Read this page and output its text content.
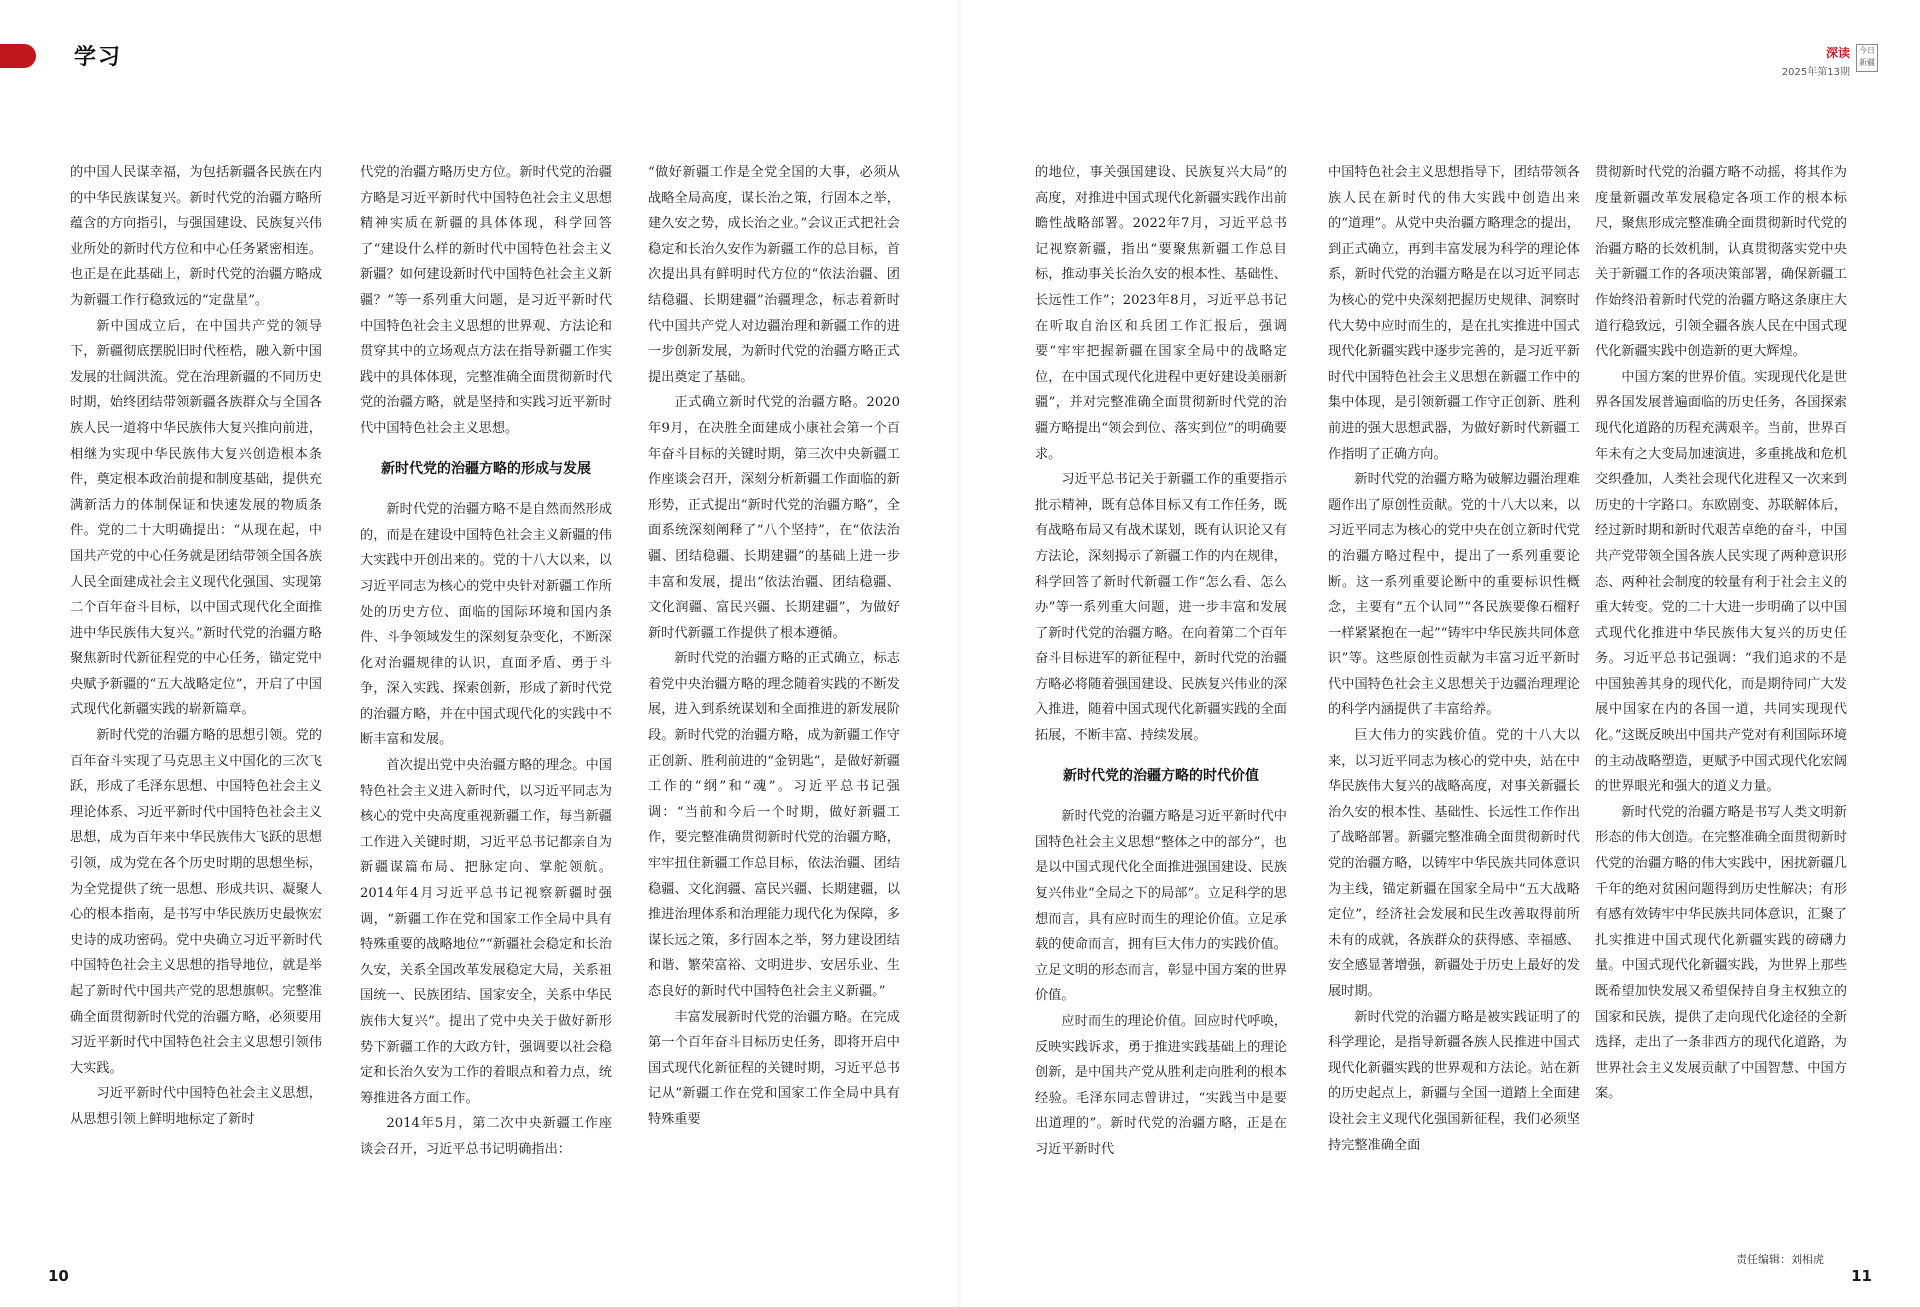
学习	深读
2025年第13期
今日新疆

的中国人民谋幸福，为包括新疆各民族在内的中华民族谋复兴。新时代党的治疆方略所蕴含的方向指引，与强国建设、民族复兴伟业所处的新时代方位和中心任务紧密相连。也正是在此基础上，新时代党的治疆方略成为新疆工作行稳致远的“定盘星”。

新中国成立后，在中国共产党的领导下，新疆彻底摆脱旧时代桎梏，融入新中国发展的壮阔洪流。党在治理新疆的不同历史时期，始终团结带领新疆各族群众与全国各族人民一道将中华民族伟大复兴推向前进，相继为实现中华民族伟大复兴创造根本条件，奠定根本政治前提和制度基础，提供充满新活力的体制保证和快速发展的物质条件。党的二十大明确提出：“从现在起，中国共产党的中心任务就是团结带领全国各族人民全面建成社会主义现代化强国、实现第二个百年奋斗目标，以中国式现代化全面推进中华民族伟大复兴。”新时代党的治疆方略聚焦新时代新征程党的中心任务，锚定党中央赋予新疆的“五大战略定位”，开启了中国式现代化新疆实践的崭新篇章。

新时代党的治疆方略的思想引领。党的百年奋斗实现了马克思主义中国化的三次飞跃，形成了毛泽东思想、中国特色社会主义理论体系、习近平新时代中国特色社会主义思想，成为百年来中华民族伟大飞跃的思想引领，成为党在各个历史时期的思想坐标，为全党提供了统一思想、形成共识、凝聚人心的根本指南，是书写中华民族历史最恢宏史诗的成功密码。党中央确立习近平新时代中国特色社会主义思想的指导地位，就是举起了新时代中国共产党的思想旗帜。完整准确全面贯彻新时代党的治疆方略，必须要用习近平新时代中国特色社会主义思想引领伟大实践。

习近平新时代中国特色社会主义思想，从思想引领上鲜明地标定了新时

代党的治疆方略历史方位。新时代党的治疆方略是习近平新时代中国特色社会主义思想精神实质在新疆的具体体现，科学回答了“建设什么样的新时代中国特色社会主义新疆？如何建设新时代中国特色社会主义新疆？”等一系列重大问题，是习近平新时代中国特色社会主义思想的世界观、方法论和贯穿其中的立场观点方法在指导新疆工作实践中的具体体现，完整准确全面贯彻新时代党的治疆方略，就是坚持和实践习近平新时代中国特色社会主义思想。

新时代党的治疆方略的形成与发展

新时代党的治疆方略不是自然而然形成的，而是在建设中国特色社会主义新疆的伟大实践中开创出来的。党的十八大以来，以习近平同志为核心的党中央针对新疆工作所处的历史方位、面临的国际环境和国内条件、斗争领域发生的深刻复杂变化，不断深化对治疆规律的认识，直面矛盾、勇于斗争，深入实践、探索创新，形成了新时代党的治疆方略，并在中国式现代化的实践中不断丰富和发展。

首次提出党中央治疆方略的理念。中国特色社会主义进入新时代，以习近平同志为核心的党中央高度重视新疆工作，每当新疆工作进入关键时期，习近平总书记都亲自为新疆谋篇布局、把脉定向、掌舵领航。2014年4月习近平总书记视察新疆时强调，“新疆工作在党和国家工作全局中具有特殊重要的战略地位”“新疆社会稳定和长治久安，关系全国改革发展稳定大局，关系祖国统一、民族团结、国家安全，关系中华民族伟大复兴”。提出了党中央关于做好新形势下新疆工作的大政方针，强调要以社会稳定和长治久安为工作的着眼点和着力点，统筹推进各方面工作。

2014年5月，第二次中央新疆工作座谈会召开，习近平总书记明确指出：

“做好新疆工作是全党全国的大事，必须从战略全局高度，谋长治之策，行固本之举，建久安之势，成长治之业。”会议正式把社会稳定和长治久安作为新疆工作的总目标，首次提出具有鲜明时代方位的“依法治疆、团结稳疆、长期建疆”治疆理念，标志着新时代中国共产党人对边疆治理和新疆工作的进一步创新发展，为新时代党的治疆方略正式提出奠定了基础。

正式确立新时代党的治疆方略。2020年9月，在决胜全面建成小康社会第一个百年奋斗目标的关键时期，第三次中央新疆工作座谈会召开，深刻分析新疆工作面临的新形势，正式提出“新时代党的治疆方略”，全面系统深刻阐释了“八个坚持”，在“依法治疆、团结稳疆、长期建疆”的基础上进一步丰富和发展，提出“依法治疆、团结稳疆、文化润疆、富民兴疆、长期建疆”，为做好新时代新疆工作提供了根本遵循。

新时代党的治疆方略的正式确立，标志着党中央治疆方略的理念随着实践的不断发展，进入到系统谋划和全面推进的新发展阶段。新时代党的治疆方略，成为新疆工作守正创新、胜利前进的“金钥匙”，是做好新疆工作的“纲”和“魂”。习近平总书记强调：“当前和今后一个时期，做好新疆工作，要完整准确贯彻新时代党的治疆方略，牢牢扭住新疆工作总目标，依法治疆、团结稳疆、文化润疆、富民兴疆、长期建疆，以推进治理体系和治理能力现代化为保障，多谋长远之策，多行固本之举，努力建设团结和谐、繁荣富裕、文明进步、安居乐业、生态良好的新时代中国特色社会主义新疆。”

丰富发展新时代党的治疆方略。在完成第一个百年奋斗目标历史任务，即将开启中国式现代化新征程的关键时期，习近平总书记从“新疆工作在党和国家工作全局中具有特殊重要

的地位，事关强国建设、民族复兴大局”的高度，对推进中国式现代化新疆实践作出前瞻性战略部署。2022年7月，习近平总书记视察新疆，指出“要聚焦新疆工作总目标，推动事关长治久安的根本性、基础性、长远性工作”；2023年8月，习近平总书记在听取自治区和兵团工作汇报后，强调要“牢牢把握新疆在国家全局中的战略定位，在中国式现代化进程中更好建设美丽新疆”，并对完整准确全面贯彻新时代党的治疆方略提出“领会到位、落实到位”的明确要求。

习近平总书记关于新疆工作的重要指示批示精神，既有总体目标又有工作任务，既有战略布局又有战术谋划，既有认识论又有方法论，深刻揭示了新疆工作的内在规律，科学回答了新时代新疆工作“怎么看、怎么办”等一系列重大问题，进一步丰富和发展了新时代党的治疆方略。在向着第二个百年奋斗目标进军的新征程中，新时代党的治疆方略必将随着强国建设、民族复兴伟业的深入推进，随着中国式现代化新疆实践的全面拓展，不断丰富、持续发展。

新时代党的治疆方略的时代价值

新时代党的治疆方略是习近平新时代中国特色社会主义思想“整体之中的部分”，也是以中国式现代化全面推进强国建设、民族复兴伟业“全局之下的局部”。立足科学的思想而言，具有应时而生的理论价值。立足承载的使命而言，拥有巨大伟力的实践价值。立足文明的形态而言，彰显中国方案的世界价值。

应时而生的理论价值。回应时代呼唤，反映实践诉求，勇于推进实践基础上的理论创新，是中国共产党从胜利走向胜利的根本经验。毛泽东同志曾讲过，“实践当中是要出道理的”。新时代党的治疆方略，正是在习近平新时代

中国特色社会主义思想指导下，团结带领各族人民在新时代的伟大实践中创造出来的“道理”。从党中央治疆方略理念的提出，到正式确立，再到丰富发展为科学的理论体系，新时代党的治疆方略是在以习近平同志为核心的党中央深刻把握历史规律、洞察时代大势中应时而生的，是在扎实推进中国式现代化新疆实践中逐步完善的，是习近平新时代中国特色社会主义思想在新疆工作中的集中体现，是引领新疆工作守正创新、胜利前进的强大思想武器，为做好新时代新疆工作指明了正确方向。

新时代党的治疆方略为破解边疆治理难题作出了原创性贡献。党的十八大以来，以习近平同志为核心的党中央在创立新时代党的治疆方略过程中，提出了一系列重要论断。这一系列重要论断中的重要标识性概念，主要有“五个认同”“各民族要像石榴籽一样紧紧抱在一起”“铸牢中华民族共同体意识”等。这些原创性贡献为丰富习近平新时代中国特色社会主义思想关于边疆治理理论的科学内涵提供了丰富给养。

巨大伟力的实践价值。党的十八大以来，以习近平同志为核心的党中央，站在中华民族伟大复兴的战略高度，对事关新疆长治久安的根本性、基础性、长远性工作作出了战略部署。新疆完整准确全面贯彻新时代党的治疆方略，以铸牢中华民族共同体意识为主线，锚定新疆在国家全局中“五大战略定位”，经济社会发展和民生改善取得前所未有的成就，各族群众的获得感、幸福感、安全感显著增强，新疆处于历史上最好的发展时期。

新时代党的治疆方略是被实践证明了的科学理论，是指导新疆各族人民推进中国式现代化新疆实践的世界观和方法论。站在新的历史起点上，新疆与全国一道踏上全面建设社会主义现代化强国新征程，我们必须坚持完整准确全面

贯彻新时代党的治疆方略不动摇，将其作为度量新疆改革发展稳定各项工作的根本标尺，聚焦形成完整准确全面贯彻新时代党的治疆方略的长效机制，认真贯彻落实党中央关于新疆工作的各项决策部署，确保新疆工作始终沿着新时代党的治疆方略这条康庄大道行稳致远，引领全疆各族人民在中国式现代化新疆实践中创造新的更大辉煌。

中国方案的世界价值。实现现代化是世界各国发展普遍面临的历史任务，各国探索现代化道路的历程充满艰辛。当前，世界百年未有之大变局加速演进，多重挑战和危机交织叠加，人类社会现代化进程又一次来到历史的十字路口。东欧剧变、苏联解体后，经过新时期和新时代艰苦卓绝的奋斗，中国共产党带领全国各族人民实现了两种意识形态、两种社会制度的较量有利于社会主义的重大转变。党的二十大进一步明确了以中国式现代化推进中华民族伟大复兴的历史任务。习近平总书记强调：“我们追求的不是中国独善其身的现代化，而是期待同广大发展中国家在内的各国一道，共同实现现代化。”这既反映出中国共产党对有利国际环境的主动战略塑造，更赋予中国式现代化宏阔的世界眼光和强大的道义力量。

新时代党的治疆方略是书写人类文明新形态的伟大创造。在完整准确全面贯彻新时代党的治疆方略的伟大实践中，困扰新疆几千年的绝对贫困问题得到历史性解决；有形有感有效铸牢中华民族共同体意识，汇聚了扎实推进中国式现代化新疆实践的磅礴力量。中国式现代化新疆实践，为世界上那些既希望加快发展又希望保持自身主权独立的国家和民族，提供了走向现代化途径的全新选择，走出了一条非西方的现代化道路，为世界社会主义发展贡献了中国智慧、中国方案。

10
责任编辑：刘相虎
11
